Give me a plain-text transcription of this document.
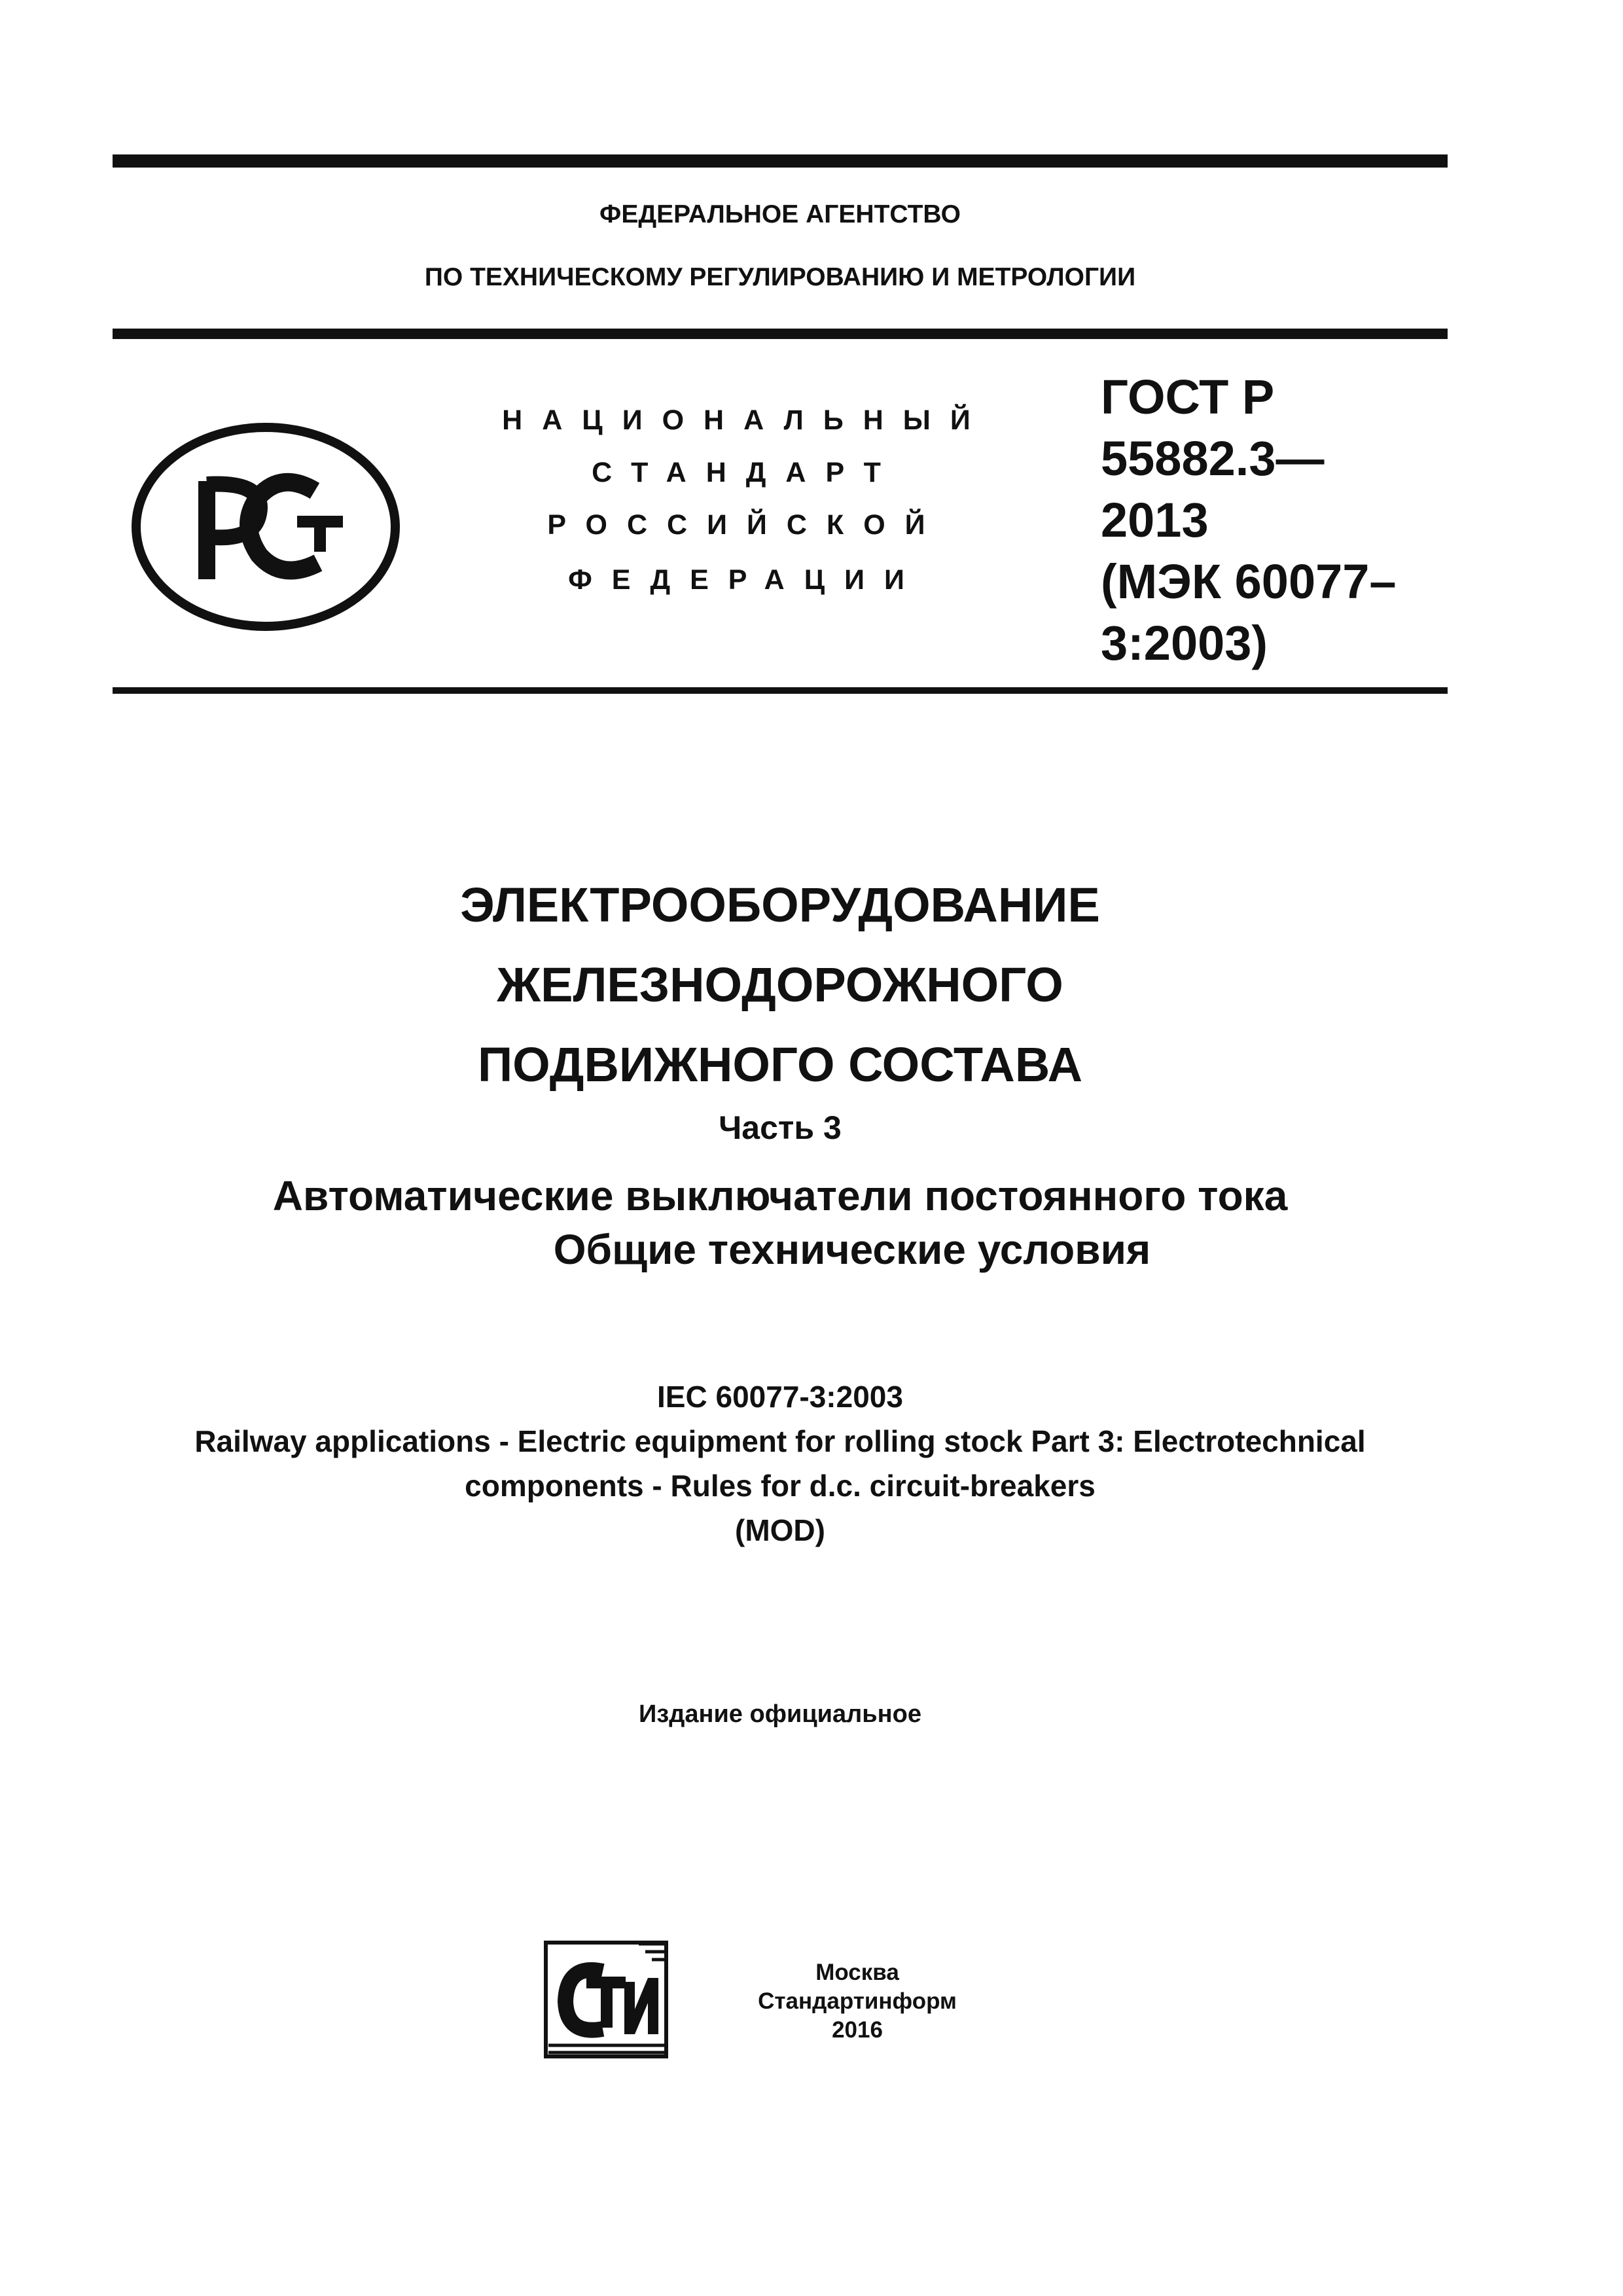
ФЕДЕРАЛЬНОЕ АГЕНТСТВО
ПО ТЕХНИЧЕСКОМУ РЕГУЛИРОВАНИЮ И МЕТРОЛОГИИ
НАЦИОНАЛЬНЫЙ
СТАНДАРТ
РОССИЙСКОЙ
ФЕДЕРАЦИИ
ГОСТ Р
55882.3—
2013
(МЭК 60077–
3:2003)
ЭЛЕКТРООБОРУДОВАНИЕ
ЖЕЛЕЗНОДОРОЖНОГО
ПОДВИЖНОГО СОСТАВА
Часть 3
Автоматические выключатели постоянного тока
Общие технические условия
IEC 60077-3:2003
Railway applications - Electric equipment for rolling stock Part 3: Electrotechnical
components - Rules for d.c. circuit-breakers
(MOD)
Издание официальное
Москва
Стандартинформ
2016
